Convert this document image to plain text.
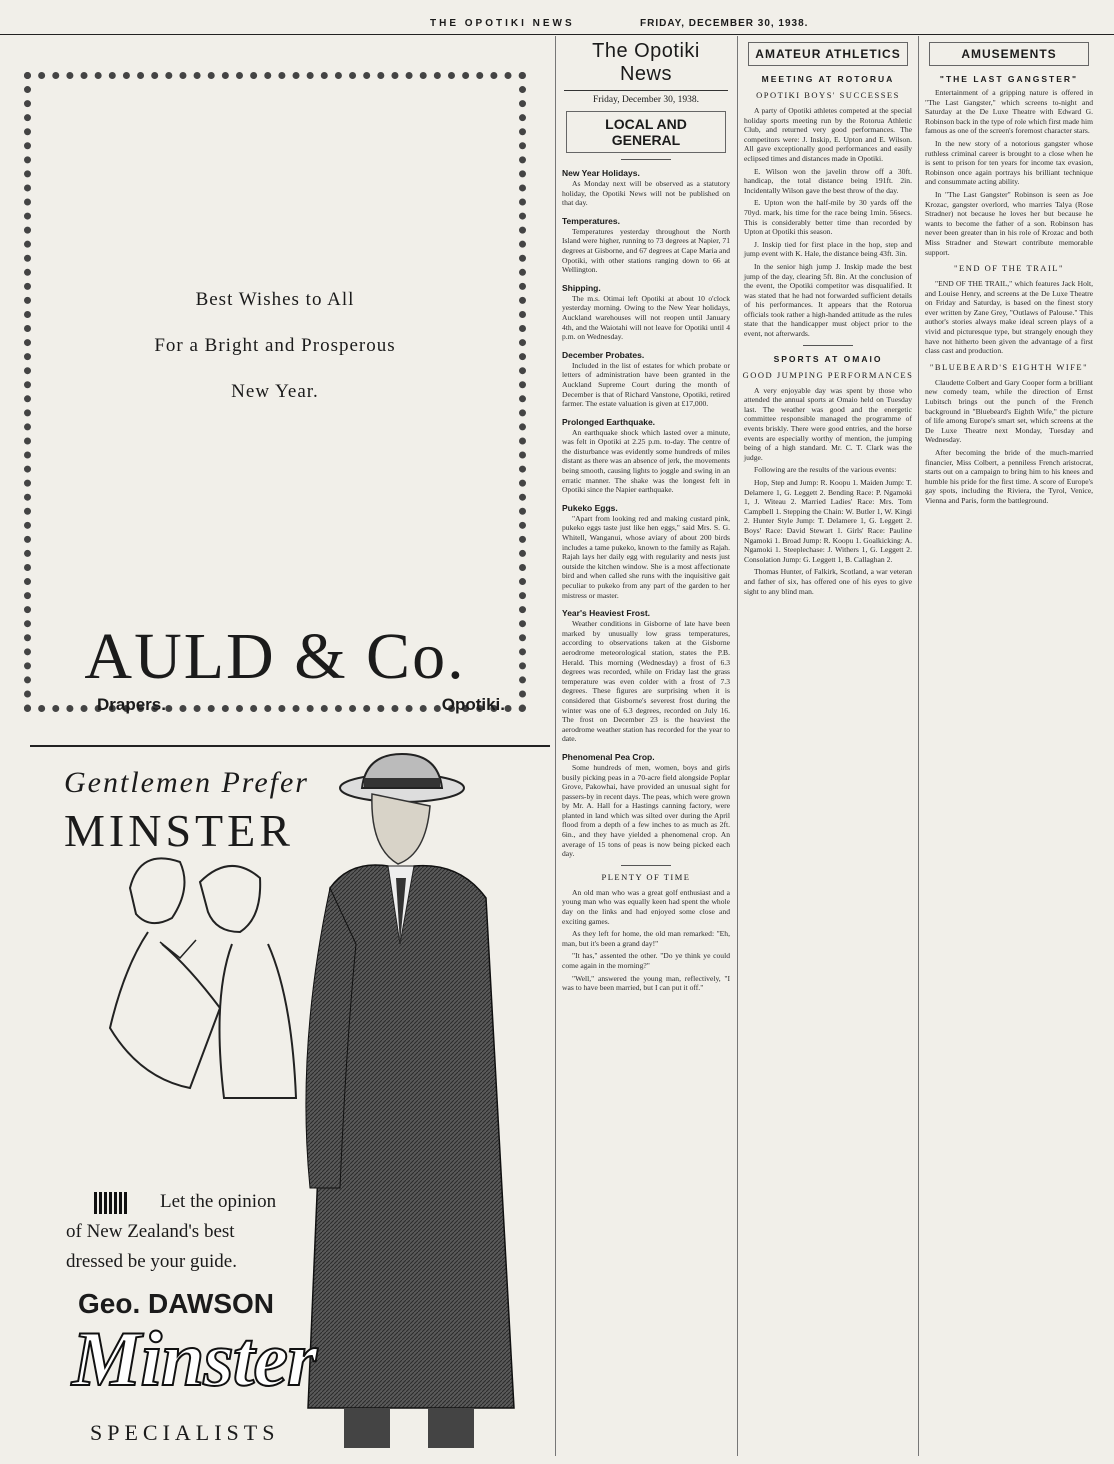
THE OPOTIKI NEWS	FRIDAY, DECEMBER 30, 1938.
Best Wishes to All
For a Bright and Prosperous
New Year.
AULD & Co.
Drapers.	Opotiki.
Gentlemen Prefer
MINSTER
Let the opinion
of New Zealand's best
dressed be your guide.
Geo. DAWSON
Minster
SPECIALISTS
The Opotiki News
Friday, December 30, 1938.
LOCAL AND GENERAL
New Year Holidays.
As Monday next will be observed as a statutory holiday, the Opotiki News will not be published on that day.
Temperatures.
Temperatures yesterday throughout the North Island were higher, running to 73 degrees at Napier, 71 degrees at Gisborne, and 67 degrees at Cape Maria and Opotiki, with other stations ranging down to 66 at Wellington.
Shipping.
The m.s. Otimai left Opotiki at about 10 o'clock yesterday morning. Owing to the New Year holidays, Auckland warehouses will not reopen until January 4th, and the Waiotahi will not leave for Opotiki until 4 p.m. on Wednesday.
December Probates.
Included in the list of estates for which probate or letters of administration have been granted in the Auckland Supreme Court during the month of December is that of Richard Vanstone, Opotiki, retired farmer. The estate valuation is given at £17,000.
Prolonged Earthquake.
An earthquake shock which lasted over a minute, was felt in Opotiki at 2.25 p.m. to-day. The centre of the disturbance was evidently some hundreds of miles distant as there was an absence of jerk, the movements being smooth, causing lights to joggle and swing in an erratic manner. The shake was the longest felt in Opotiki since the Napier earthquake.
Pukeko Eggs.
"Apart from looking red and making custard pink, pukeko eggs taste just like hen eggs," said Mrs. S. G. Whitell, Wanganui, whose aviary of about 200 birds includes a tame pukeko, known to the family as Rajah. Rajah lays her daily egg with regularity and nests just outside the kitchen window. She is a most affectionate bird and when called she runs with the inquisitive gait peculiar to pukeko from any part of the garden to her mistress or master.
Year's Heaviest Frost.
Weather conditions in Gisborne of late have been marked by unusually low grass temperatures, according to observations taken at the Gisborne aerodrome meteorological station, states the P.B. Herald. This morning (Wednesday) a frost of 6.3 degrees was recorded, while on Friday last the grass temperature was even colder with a frost of 7.3 degrees. These figures are surprising when it is considered that Gisborne's severest frost during the winter was one of 6.3 degrees, recorded on July 16. The frost on December 23 is the heaviest the aerodrome weather station has recorded for the year to date.
Phenomenal Pea Crop.
Some hundreds of men, women, boys and girls busily picking peas in a 70-acre field alongside Poplar Grove, Pakowhai, have provided an unusual sight for passers-by in recent days. The peas, which were grown by Mr. A. Hall for a Hastings canning factory, were planted in land which was silted over during the April flood from a depth of a few inches to as much as 2ft. 6in., and they have yielded a phenomenal crop. An average of 15 tons of peas is now being picked each day.
PLENTY OF TIME
An old man who was a great golf enthusiast and a young man who was equally keen had spent the whole day on the links and had enjoyed some close and exciting games.
As they left for home, the old man remarked: "Eh, man, but it's been a grand day!"
"It has," assented the other. "Do ye think ye could come again in the morning?"
"Well," answered the young man, reflectively, "I was to have been married, but I can put it off."
AMATEUR ATHLETICS
MEETING AT ROTORUA
OPOTIKI BOYS' SUCCESSES
A party of Opotiki athletes competed at the special holiday sports meeting run by the Rotorua Athletic Club, and returned very good performances. The competitors were: J. Inskip, E. Upton and E. Wilson. All gave exceptionally good performances and easily eclipsed times and distances made in Opotiki.
E. Wilson won the javelin throw off a 30ft. handicap, the total distance being 191ft. 2in. Incidentally Wilson gave the best throw of the day.
E. Upton won the half-mile by 30 yards off the 70yd. mark, his time for the race being 1min. 56secs. This is considerably better time than recorded by Upton at Opotiki this season.
J. Inskip tied for first place in the hop, step and jump event with K. Hale, the distance being 43ft. 3in.
In the senior high jump J. Inskip made the best jump of the day, clearing 5ft. 8in. At the conclusion of the event, the Opotiki competitor was disqualified. It was stated that he had not forwarded sufficient details of his performances. It appears that the Rotorua officials took rather a high-handed attitude as the rules state that the handicapper must object prior to the event, not afterwards.
SPORTS AT OMAIO
GOOD JUMPING PERFORMANCES
A very enjoyable day was spent by those who attended the annual sports at Omaio held on Tuesday last. The weather was good and the energetic committee responsible managed the programme of events briskly. There were good entries, and the horse events are especially worthy of mention, the jumping being of a high standard. Mr. C. T. Clark was the judge.
Following are the results of the various events:
Hop, Step and Jump: R. Koopu 1. Maiden Jump: T. Delamere 1, G. Leggett 2. Bending Race: P. Ngamoki 1, J. Witeau 2. Married Ladies' Race: Mrs. Tom Campbell 1. Stepping the Chain: W. Butler 1, W. Kingi 2. Hunter Style Jump: T. Delamere 1, G. Leggett 2. Boys' Race: David Stewart 1. Girls' Race: Pauline Ngamoki 1. Broad Jump: R. Koopu 1. Goalkicking: A. Ngamoki 1. Steeplechase: J. Withers 1, G. Leggett 2. Consolation Jump: G. Leggett 1, B. Callaghan 2.
Thomas Hunter, of Falkirk, Scotland, a war veteran and father of six, has offered one of his eyes to give sight to any blind man.
AMUSEMENTS
"THE LAST GANGSTER"
Entertainment of a gripping nature is offered in "The Last Gangster," which screens to-night and Saturday at the De Luxe Theatre with Edward G. Robinson back in the type of role which first made him famous as one of the screen's foremost character stars.
In the new story of a notorious gangster whose ruthless criminal career is brought to a close when he is sent to prison for ten years for income tax evasion, Robinson once again portrays his brilliant technique and consummate acting ability.
In "The Last Gangster" Robinson is seen as Joe Krozac, gangster overlord, who marries Talya (Rose Stradner) not because he loves her but because he wants to become the father of a son. Robinson has never been greater than in his role of Krozac and both Miss Stradner and Stewart contribute memorable support.
"END OF THE TRAIL"
"END OF THE TRAIL," which features Jack Holt, and Louise Henry, and screens at the De Luxe Theatre on Friday and Saturday, is based on the finest story ever written by Zane Grey, "Outlaws of Palouse." This author's stories always make ideal screen plays of a vivid and picturesque type, but strangely enough they have not hitherto been given the advantage of a first class cast and production.
"BLUEBEARD'S EIGHTH WIFE"
Claudette Colbert and Gary Cooper form a brilliant new comedy team, while the direction of Ernst Lubitsch brings out the punch of the French background in "Bluebeard's Eighth Wife," the picture of life among Europe's smart set, which screens at the De Luxe Theatre next Monday, Tuesday and Wednesday.
After becoming the bride of the much-married financier, Miss Colbert, a penniless French aristocrat, starts out on a campaign to bring him to his knees and humble his pride for the first time. A score of Europe's gay spots, including the Riviera, the Tyrol, Venice, Vienna and Paris, form the battleground.
